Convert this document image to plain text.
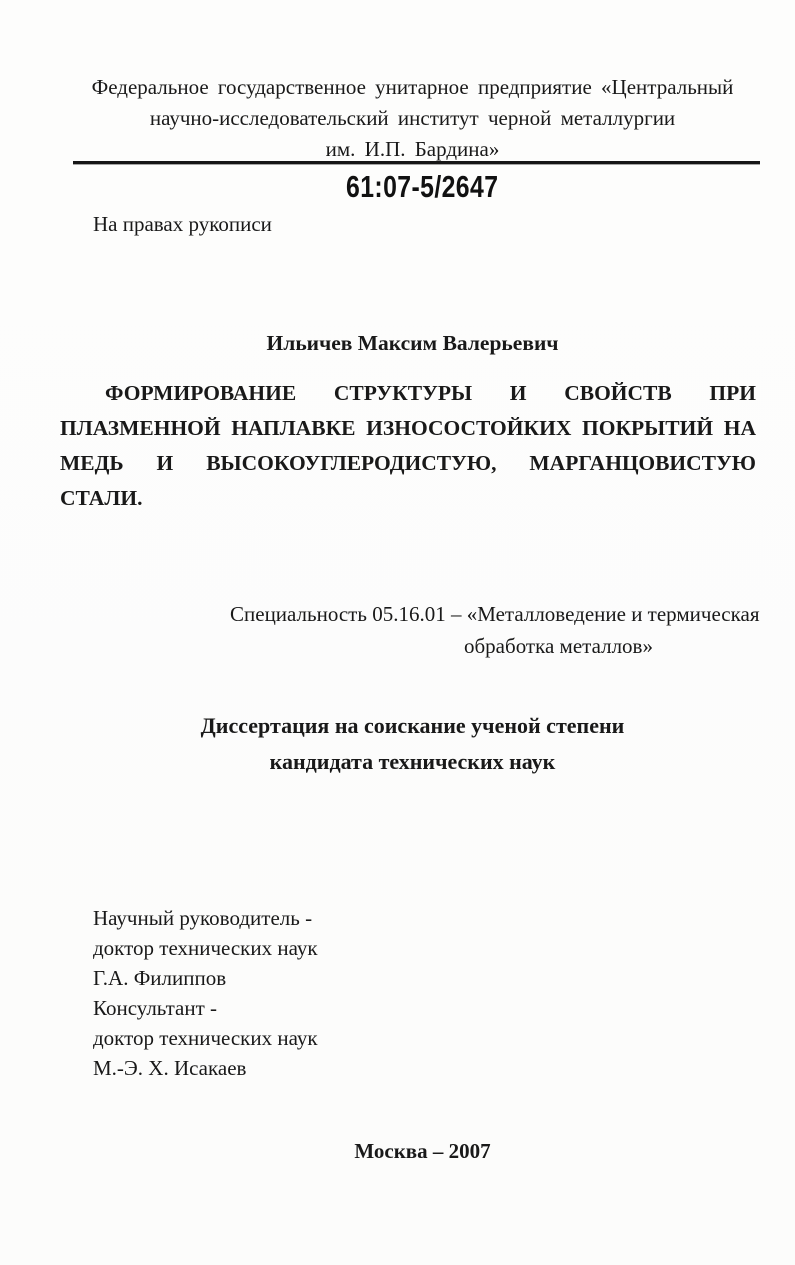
Федеральное государственное унитарное предприятие «Центральный
научно-исследовательский институт черной металлургии
им. И.П. Бардина»
61:07-5/2647
На правах рукописи
Ильичев Максим Валерьевич
ФОРМИРОВАНИЕ СТРУКТУРЫ И СВОЙСТВ ПРИ
ПЛАЗМЕННОЙ НАПЛАВКЕ ИЗНОСОСТОЙКИХ ПОКРЫТИЙ НА
МЕДЬ И ВЫСОКОУГЛЕРОДИСТУЮ, МАРГАНЦОВИСТУЮ СТАЛИ.
Специальность 05.16.01 – «Металловедение и термическая
обработка металлов»
Диссертация на соискание ученой степени
кандидата технических наук
Научный руководитель -
доктор технических наук
Г.А. Филиппов
Консультант -
доктор технических наук
М.-Э. Х. Исакаев
Москва – 2007
